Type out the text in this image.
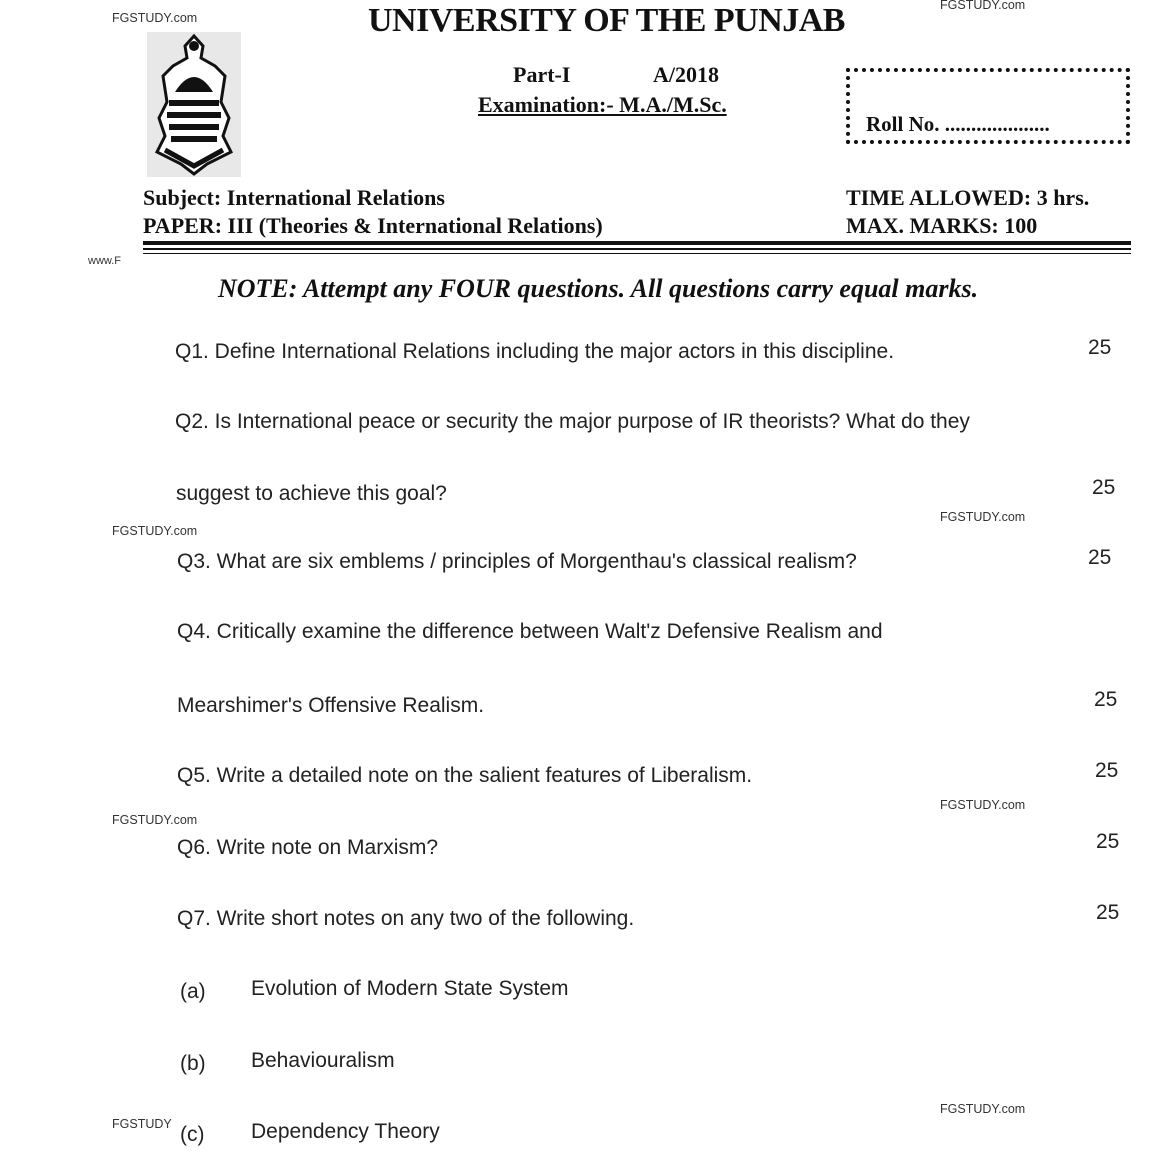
FGSTUDY.com
FGSTUDY.com
FGSTUDY.com
FGSTUDY.com
FGSTUDY.com
FGSTUDY.com
FGSTUDY
FGSTUDY.com
www.F
UNIVERSITY OF THE PUNJAB
Part-I	A/2018
Examination:- M.A./M.Sc.
Roll No. ....................
Subject: International Relations
PAPER: III (Theories & International Relations)
TIME ALLOWED: 3 hrs.
MAX. MARKS: 100
NOTE: Attempt any FOUR questions. All questions carry equal marks.
Q1. Define International Relations including the major actors in this discipline.	25
Q2. Is International peace or security the major purpose of IR theorists? What do they
suggest to achieve this goal?	25
Q3. What are six emblems / principles of Morgenthau's classical realism?	25
Q4. Critically examine the difference between Walt'z Defensive Realism and
Mearshimer's Offensive Realism.	25
Q5. Write a detailed note on the salient features of Liberalism.	25
Q6. Write note on Marxism?	25
Q7. Write short notes on any two of the following.	25
(a) Evolution of Modern State System
(b) Behaviouralism
(c) Dependency Theory
